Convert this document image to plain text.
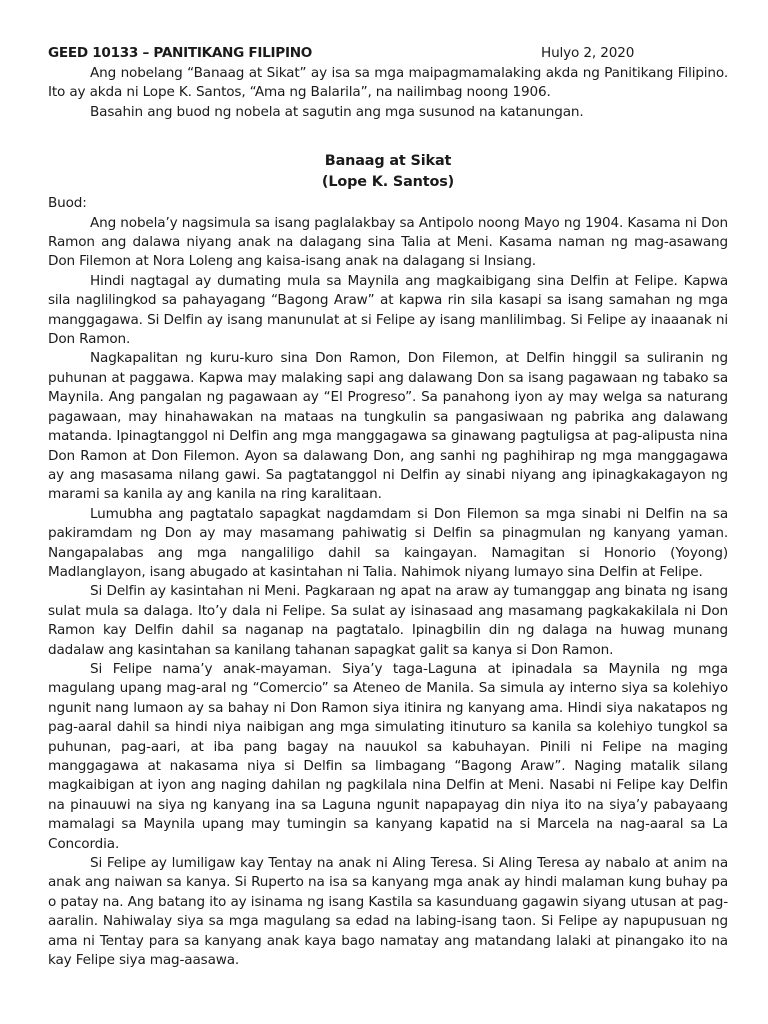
GEED 10133 – PANITIKANG FILIPINO	Hulyo 2, 2020

Ang nobelang “Banaag at Sikat” ay isa sa mga maipagmamalaking akda ng Panitikang Filipino. Ito ay akda ni Lope K. Santos, “Ama ng Balarila”, na nailimbag noong 1906.

Basahin ang buod ng nobela at sagutin ang mga susunod na katanungan.

Banaag at Sikat
(Lope K. Santos)
Buod:

Ang nobela’y nagsimula sa isang paglalakbay sa Antipolo noong Mayo ng 1904. Kasama ni Don Ramon ang dalawa niyang anak na dalagang sina Talia at Meni. Kasama naman ng mag-asawang Don Filemon at Nora Loleng ang kaisa-isang anak na dalagang si Insiang.

Hindi nagtagal ay dumating mula sa Maynila ang magkaibigang sina Delfin at Felipe. Kapwa sila naglilingkod sa pahayagang “Bagong Araw” at kapwa rin sila kasapi sa isang samahan ng mga manggagawa. Si Delfin ay isang manunulat at si Felipe ay isang manlilimbag. Si Felipe ay inaaanak ni Don Ramon.

Nagkapalitan ng kuru-kuro sina Don Ramon, Don Filemon, at Delfin hinggil sa suliranin ng puhunan at paggawa. Kapwa may malaking sapi ang dalawang Don sa isang pagawaan ng tabako sa Maynila. Ang pangalan ng pagawaan ay “El Progreso”. Sa panahong iyon ay may welga sa naturang pagawaan, may hinahawakan na mataas na tungkulin sa pangasiwaan ng pabrika ang dalawang matanda. Ipinagtanggol ni Delfin ang mga manggagawa sa ginawang pagtuligsa at pag-alipusta nina Don Ramon at Don Filemon. Ayon sa dalawang Don, ang sanhi ng paghihirap ng mga manggagawa ay ang masasama nilang gawi. Sa pagtatanggol ni Delfin ay sinabi niyang ang ipinagkakagayon ng marami sa kanila ay ang kanila na ring karalitaan.

Lumubha ang pagtatalo sapagkat nagdamdam si Don Filemon sa mga sinabi ni Delfin na sa pakiramdam ng Don ay may masamang pahiwatig si Delfin sa pinagmulan ng kanyang yaman. Nangapalabas ang mga nangaliligo dahil sa kaingayan. Namagitan si Honorio (Yoyong) Madlanglayon, isang abugado at kasintahan ni Talia. Nahimok niyang lumayo sina Delfin at Felipe.

Si Delfin ay kasintahan ni Meni. Pagkaraan ng apat na araw ay tumanggap ang binata ng isang sulat mula sa dalaga. Ito’y dala ni Felipe. Sa sulat ay isinasaad ang masamang pagkakakilala ni Don Ramon kay Delfin dahil sa naganap na pagtatalo. Ipinagbilin din ng dalaga na huwag munang dadalaw ang kasintahan sa kanilang tahanan sapagkat galit sa kanya si Don Ramon.

Si Felipe nama’y anak-mayaman. Siya’y taga-Laguna at ipinadala sa Maynila ng mga magulang upang mag-aral ng “Comercio” sa Ateneo de Manila. Sa simula ay interno siya sa kolehiyo ngunit nang lumaon ay sa bahay ni Don Ramon siya itinira ng kanyang ama. Hindi siya nakatapos ng pag-aaral dahil sa hindi niya naibigan ang mga simulating itinuturo sa kanila sa kolehiyo tungkol sa puhunan, pag-aari, at iba pang bagay na nauukol sa kabuhayan. Pinili ni Felipe na maging manggagawa at nakasama niya si Delfin sa limbagang “Bagong Araw”. Naging matalik silang magkaibigan at iyon ang naging dahilan ng pagkilala nina Delfin at Meni. Nasabi ni Felipe kay Delfin na pinauuwi na siya ng kanyang ina sa Laguna ngunit napapayag din niya ito na siya’y pabayaang mamalagi sa Maynila upang may tumingin sa kanyang kapatid na si Marcela na nag-aaral sa La Concordia.

Si Felipe ay lumiligaw kay Tentay na anak ni Aling Teresa. Si Aling Teresa ay nabalo at anim na anak ang naiwan sa kanya. Si Ruperto na isa sa kanyang mga anak ay hindi malaman kung buhay pa o patay na. Ang batang ito ay isinama ng isang Kastila sa kasunduang gagawin siyang utusan at pag-aaralin. Nahiwalay siya sa mga magulang sa edad na labing-isang taon. Si Felipe ay napupusuan ng ama ni Tentay para sa kanyang anak kaya bago namatay ang matandang lalaki at pinangako ito na kay Felipe siya mag-aasawa.
